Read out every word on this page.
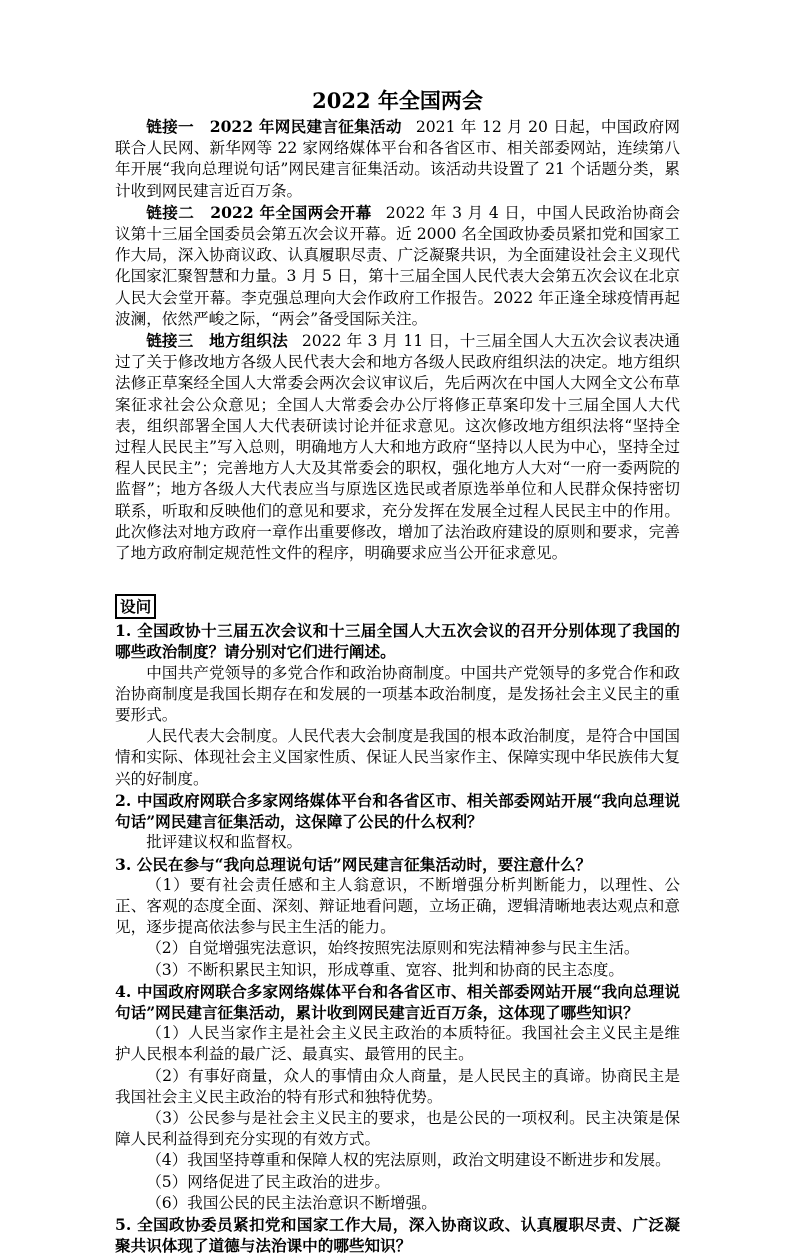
2022 年全国两会

链接一　2022 年网民建言征集活动 2021 年 12 月 20 日起，中国政府网联合人民网、新华网等 22 家网络媒体平台和各省区市、相关部委网站，连续第八年开展“我向总理说句话”网民建言征集活动。该活动共设置了 21 个话题分类，累计收到网民建言近百万条。

链接二　2022 年全国两会开幕 2022 年 3 月 4 日，中国人民政治协商会议第十三届全国委员会第五次会议开幕。近 2000 名全国政协委员紧扣党和国家工作大局，深入协商议政、认真履职尽责、广泛凝聚共识，为全面建设社会主义现代化国家汇聚智慧和力量。3 月 5 日，第十三届全国人民代表大会第五次会议在北京人民大会堂开幕。李克强总理向大会作政府工作报告。2022 年正逢全球疫情再起波澜，依然严峻之际，“两会”备受国际关注。

链接三　地方组织法 2022 年 3 月 11 日，十三届全国人大五次会议表决通过了关于修改地方各级人民代表大会和地方各级人民政府组织法的决定。地方组织法修正草案经全国人大常委会两次会议审议后，先后两次在中国人大网全文公布草案征求社会公众意见；全国人大常委会办公厅将修正草案印发十三届全国人大代表，组织部署全国人大代表研读讨论并征求意见。这次修改地方组织法将“坚持全过程人民民主”写入总则，明确地方人大和地方政府“坚持以人民为中心，坚持全过程人民民主”；完善地方人大及其常委会的职权，强化地方人大对“一府一委两院的监督”；地方各级人大代表应当与原选区选民或者原选举单位和人民群众保持密切联系，听取和反映他们的意见和要求，充分发挥在发展全过程人民民主中的作用。此次修法对地方政府一章作出重要修改，增加了法治政府建设的原则和要求，完善了地方政府制定规范性文件的程序，明确要求应当公开征求意见。

设问

1. 全国政协十三届五次会议和十三届全国人大五次会议的召开分别体现了我国的哪些政治制度？请分别对它们进行阐述。

中国共产党领导的多党合作和政治协商制度。中国共产党领导的多党合作和政治协商制度是我国长期存在和发展的一项基本政治制度，是发扬社会主义民主的重要形式。

人民代表大会制度。人民代表大会制度是我国的根本政治制度，是符合中国国情和实际、体现社会主义国家性质、保证人民当家作主、保障实现中华民族伟大复兴的好制度。

2. 中国政府网联合多家网络媒体平台和各省区市、相关部委网站开展“我向总理说句话”网民建言征集活动，这保障了公民的什么权利？

批评建议权和监督权。

3. 公民在参与“我向总理说句话”网民建言征集活动时，要注意什么？

（1）要有社会责任感和主人翁意识，不断增强分析判断能力，以理性、公正、客观的态度全面、深刻、辩证地看问题，立场正确，逻辑清晰地表达观点和意见，逐步提高依法参与民主生活的能力。

（2）自觉增强宪法意识，始终按照宪法原则和宪法精神参与民主生活。

（3）不断积累民主知识，形成尊重、宽容、批判和协商的民主态度。

4. 中国政府网联合多家网络媒体平台和各省区市、相关部委网站开展“我向总理说句话”网民建言征集活动，累计收到网民建言近百万条，这体现了哪些知识？

（1）人民当家作主是社会主义民主政治的本质特征。我国社会主义民主是维护人民根本利益的最广泛、最真实、最管用的民主。

（2）有事好商量，众人的事情由众人商量，是人民民主的真谛。协商民主是我国社会主义民主政治的特有形式和独特优势。

（3）公民参与是社会主义民主的要求，也是公民的一项权利。民主决策是保障人民利益得到充分实现的有效方式。

（4）我国坚持尊重和保障人权的宪法原则，政治文明建设不断进步和发展。

（5）网络促进了民主政治的进步。

（6）我国公民的民主法治意识不断增强。

5. 全国政协委员紧扣党和国家工作大局，深入协商议政、认真履职尽责、广泛凝聚共识体现了道德与法治课中的哪些知识？
